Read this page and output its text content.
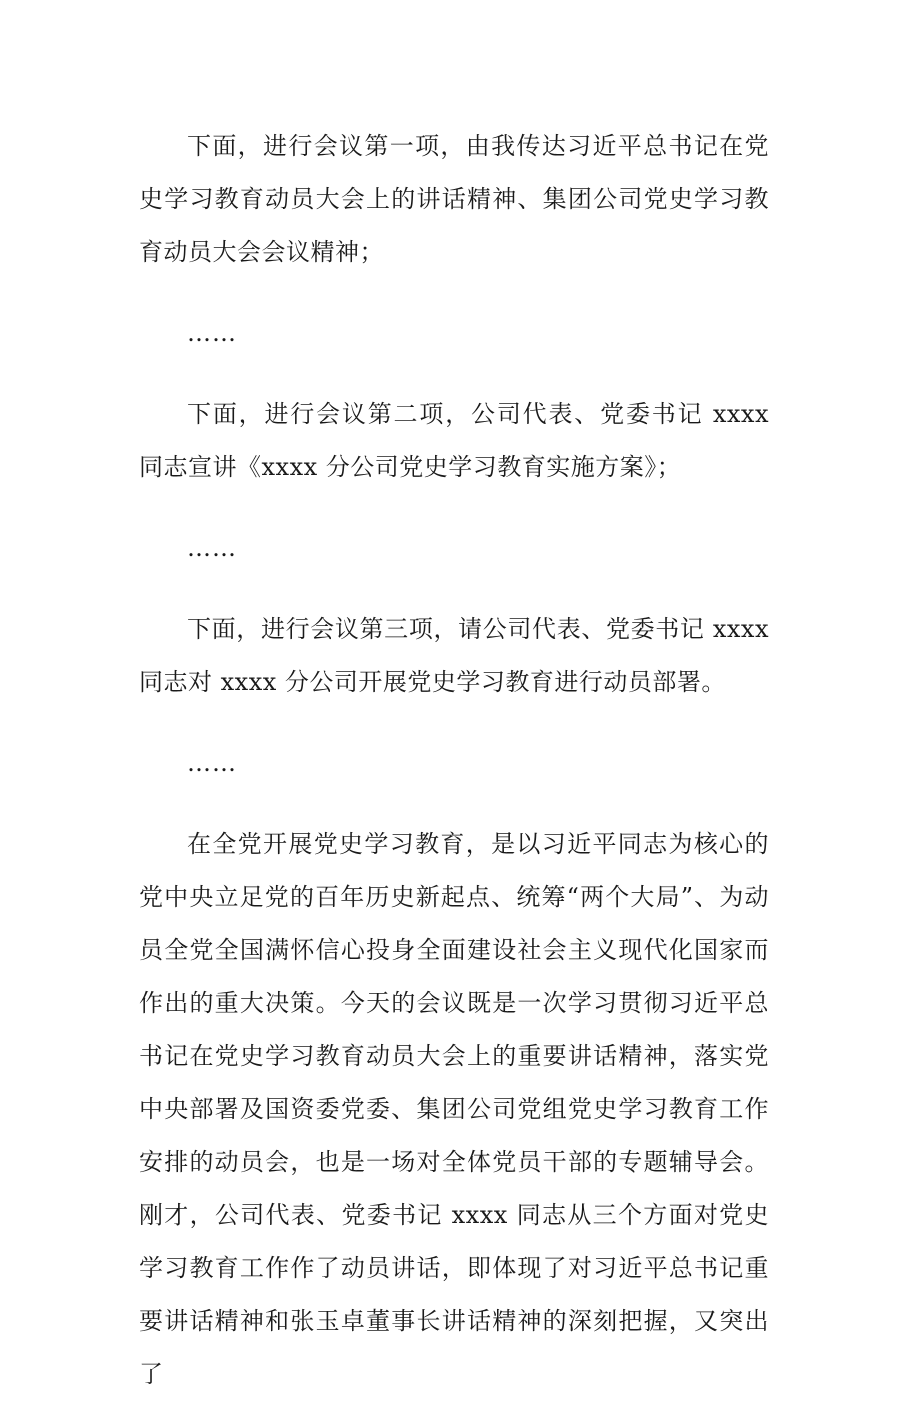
下面，进行会议第一项，由我传达习近平总书记在党史学习教育动员大会上的讲话精神、集团公司党史学习教育动员大会会议精神；

……

下面，进行会议第二项，公司代表、党委书记 xxxx 同志宣讲《xxxx 分公司党史学习教育实施方案》；

……

下面，进行会议第三项，请公司代表、党委书记 xxxx 同志对 xxxx 分公司开展党史学习教育进行动员部署。

……

在全党开展党史学习教育，是以习近平同志为核心的党中央立足党的百年历史新起点、统筹“两个大局”、为动员全党全国满怀信心投身全面建设社会主义现代化国家而作出的重大决策。今天的会议既是一次学习贯彻习近平总书记在党史学习教育动员大会上的重要讲话精神，落实党中央部署及国资委党委、集团公司党组党史学习教育工作安排的动员会，也是一场对全体党员干部的专题辅导会。刚才，公司代表、党委书记 xxxx 同志从三个方面对党史学习教育工作作了动员讲话，即体现了对习近平总书记重要讲话精神和张玉卓董事长讲话精神的深刻把握，又突出了
